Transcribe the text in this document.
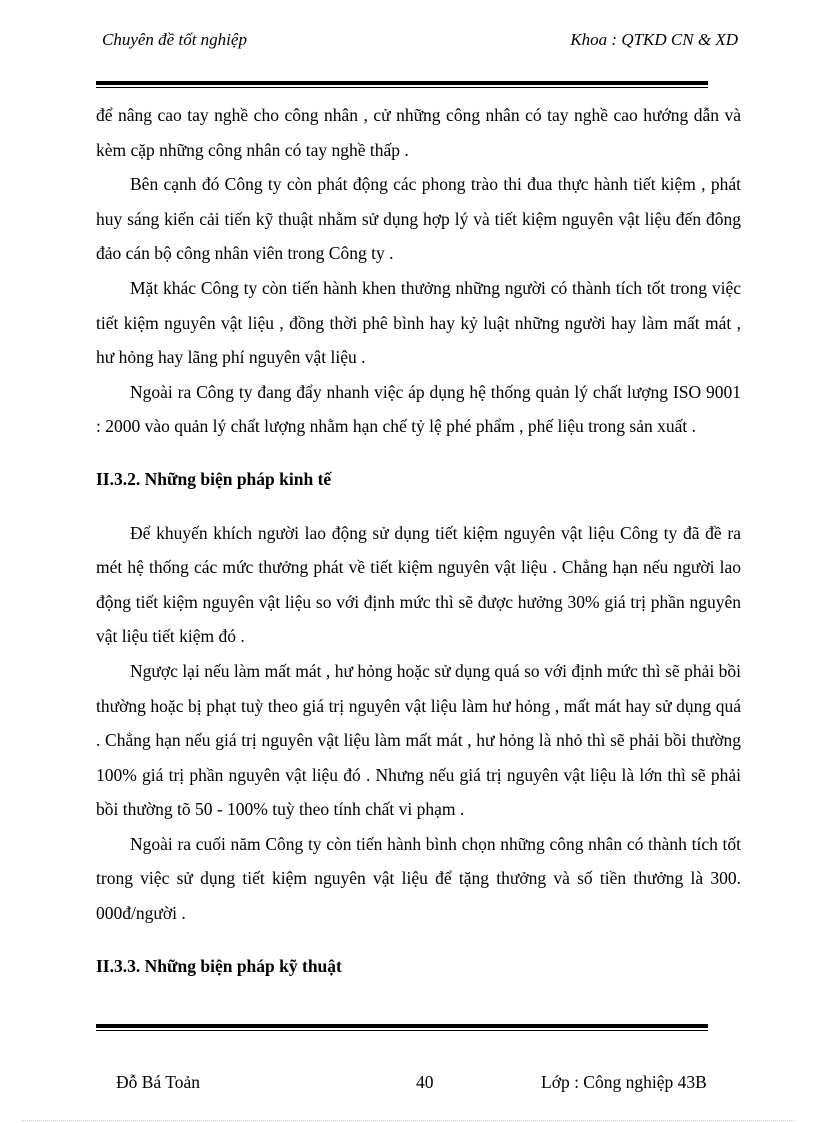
Chuyên đề tốt nghiệp	Khoa : QTKD CN & XD

để nâng cao tay nghề cho công nhân , cử những công nhân có tay nghề cao hướng dẫn và kèm cặp những công nhân có tay nghề thấp .

Bên cạnh đó Công ty còn phát động các phong trào thi đua thực hành tiết kiệm , phát huy sáng kiến cải tiến kỹ thuật nhằm sử dụng hợp lý và tiết kiệm nguyên vật liệu đến đông đảo cán bộ công nhân viên trong Công ty .

Mặt khác Công ty còn tiến hành khen thưởng những người có thành tích tốt trong việc tiết kiệm nguyên vật liệu , đồng thời phê bình hay kỷ luật những người hay làm mất mát , hư hỏng hay lãng phí nguyên vật liệu .

Ngoài ra Công ty đang đẩy nhanh việc áp dụng hệ thống quản lý chất lượng ISO 9001 : 2000 vào quản lý chất lượng nhằm hạn chế tỷ lệ phé phẩm , phế liệu trong sản xuất .

II.3.2. Những biện pháp kinh tế

Để khuyến khích người lao động sử dụng tiết kiệm nguyên vật liệu Công ty đã đề ra mét hệ thống các mức thưởng phát về tiết kiệm nguyên vật liệu . Chẳng hạn nếu người lao động tiết kiệm nguyên vật liệu so với định mức thì sẽ được hưởng 30% giá trị phần nguyên vật liệu tiết kiệm đó .

Ngược lại nếu làm mất mát , hư hỏng hoặc sử dụng quá so với định mức thì sẽ phải bồi thường hoặc bị phạt tuỳ theo giá trị nguyên vật liệu làm hư hỏng , mất mát hay sử dụng quá . Chẳng hạn nếu giá trị nguyên vật liệu làm mất mát , hư hỏng là nhỏ thì sẽ phải bồi thường 100% giá trị phần nguyên vật liệu đó . Nhưng nếu giá trị nguyên vật liệu là lớn thì sẽ phải bồi thường tõ 50 - 100% tuỳ theo tính chất vi phạm .

Ngoài ra cuối năm Công ty còn tiến hành bình chọn những công nhân có thành tích tốt trong việc sử dụng tiết kiệm nguyên vật liệu để tặng thưởng và số tiền thưởng là 300. 000đ/người .

II.3.3. Những biện pháp kỹ thuật
Đỗ Bá Toản	40	Lớp : Công nghiệp 43B
